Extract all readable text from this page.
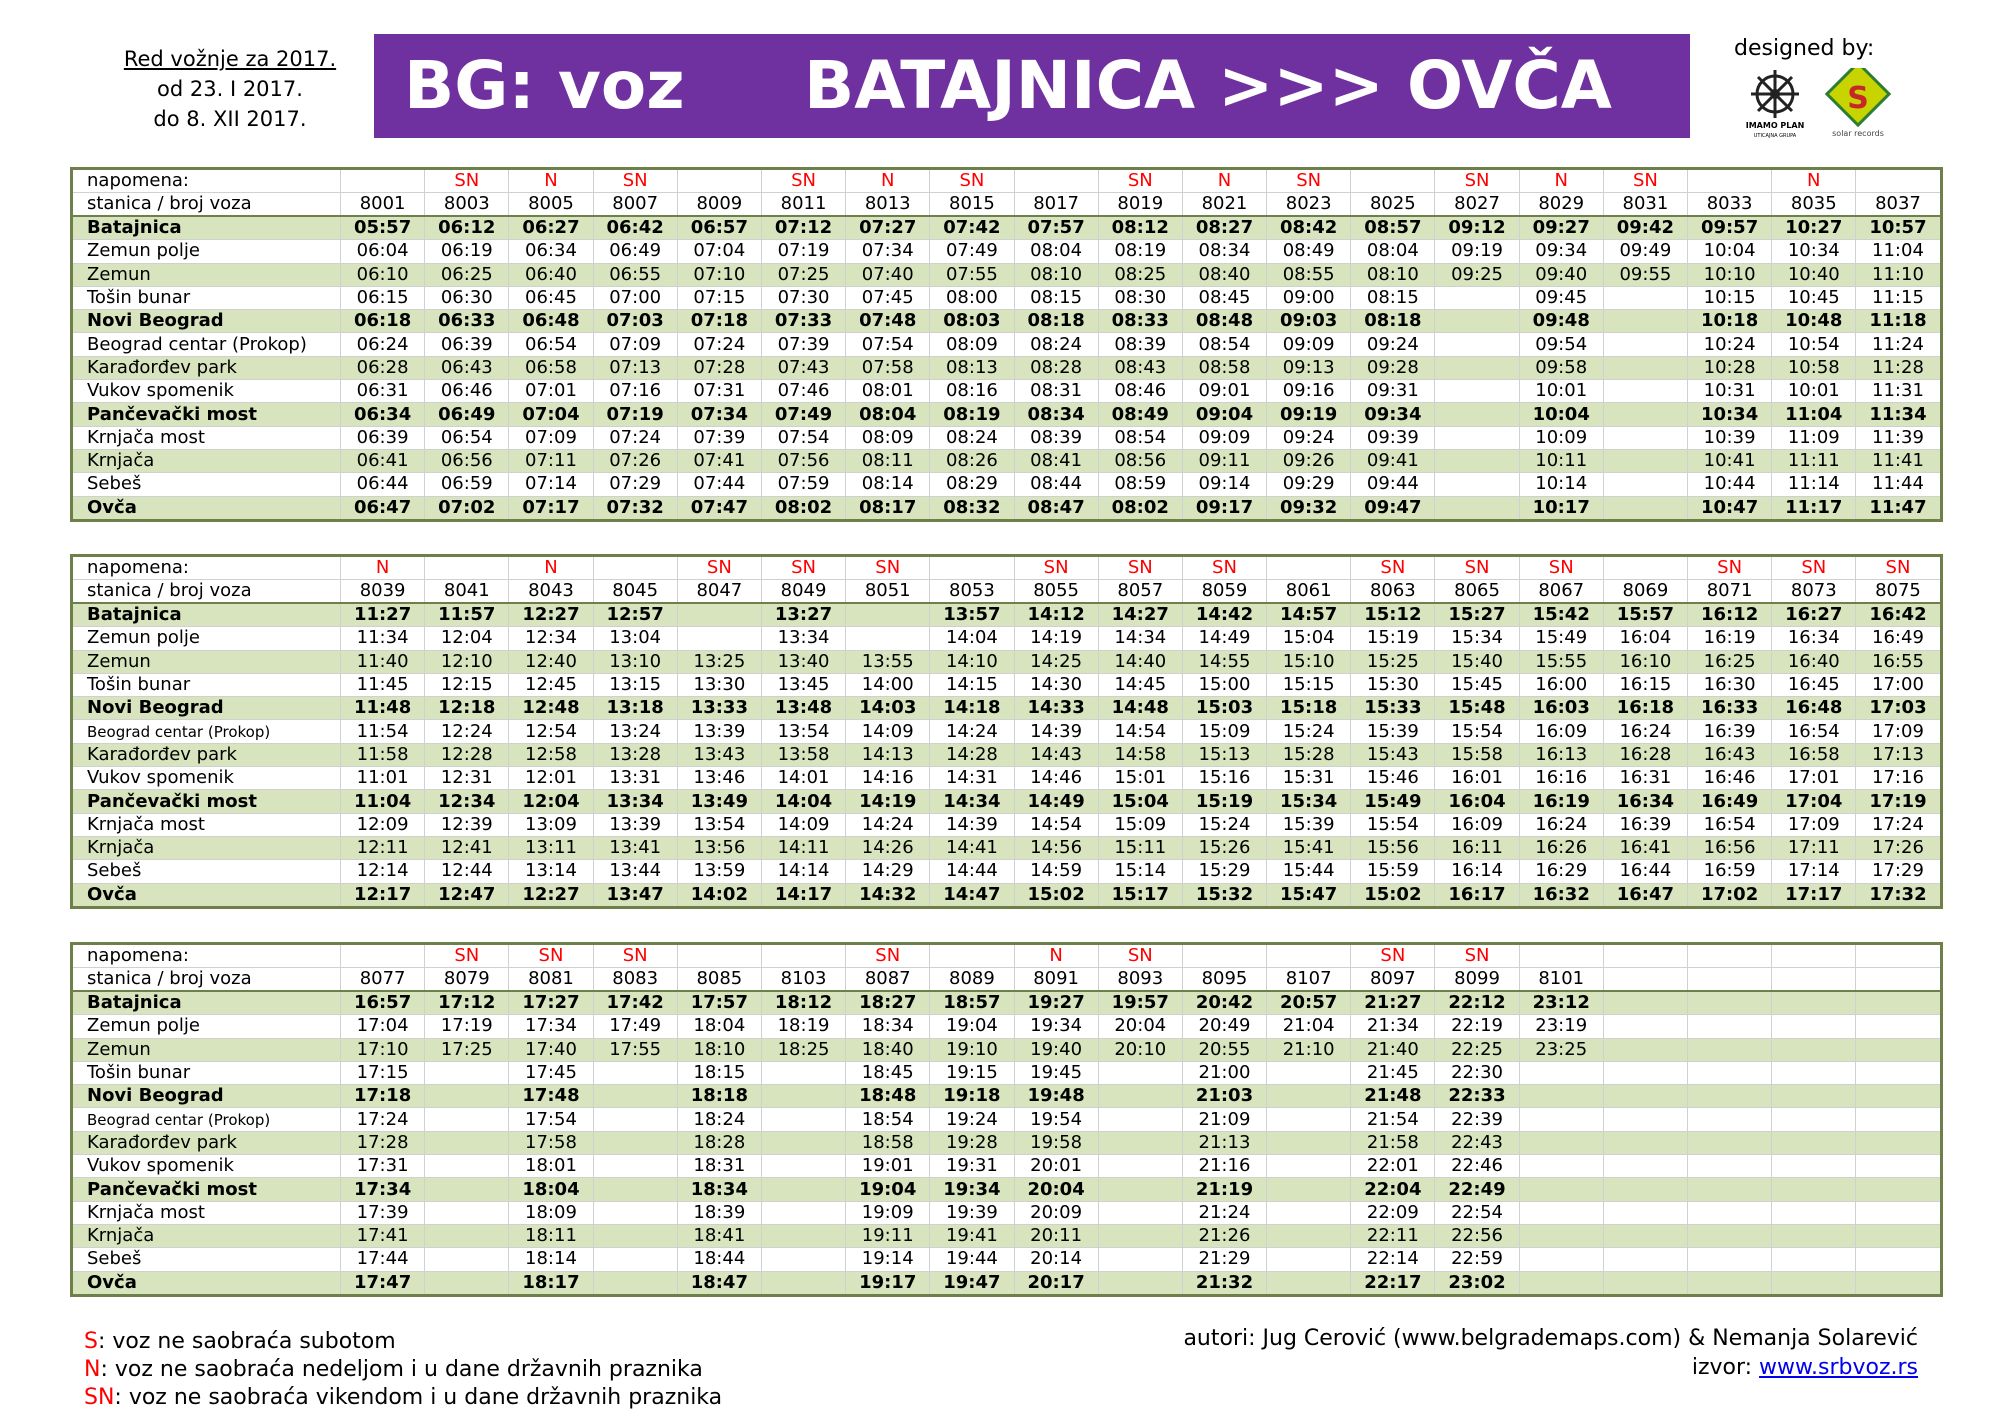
Red vožnje za 2017.
od 23. I 2017.
do 8. XII 2017.	BG: voz BATAJNICA >>> OVČA	designed by:
IMAMO PLAN
UTICAJNA GRUPA
S
solar records
napomena:		SN	N	SN		SN	N	SN		SN	N	SN		SN	N	SN		N	
stanica / broj voza	8001	8003	8005	8007	8009	8011	8013	8015	8017	8019	8021	8023	8025	8027	8029	8031	8033	8035	8037
Batajnica	05:57	06:12	06:27	06:42	06:57	07:12	07:27	07:42	07:57	08:12	08:27	08:42	08:57	09:12	09:27	09:42	09:57	10:27	10:57
Zemun polje	06:04	06:19	06:34	06:49	07:04	07:19	07:34	07:49	08:04	08:19	08:34	08:49	08:04	09:19	09:34	09:49	10:04	10:34	11:04
Zemun	06:10	06:25	06:40	06:55	07:10	07:25	07:40	07:55	08:10	08:25	08:40	08:55	08:10	09:25	09:40	09:55	10:10	10:40	11:10
Tošin bunar	06:15	06:30	06:45	07:00	07:15	07:30	07:45	08:00	08:15	08:30	08:45	09:00	08:15		09:45		10:15	10:45	11:15
Novi Beograd	06:18	06:33	06:48	07:03	07:18	07:33	07:48	08:03	08:18	08:33	08:48	09:03	08:18		09:48		10:18	10:48	11:18
Beograd centar (Prokop)	06:24	06:39	06:54	07:09	07:24	07:39	07:54	08:09	08:24	08:39	08:54	09:09	09:24		09:54		10:24	10:54	11:24
Karađorđev park	06:28	06:43	06:58	07:13	07:28	07:43	07:58	08:13	08:28	08:43	08:58	09:13	09:28		09:58		10:28	10:58	11:28
Vukov spomenik	06:31	06:46	07:01	07:16	07:31	07:46	08:01	08:16	08:31	08:46	09:01	09:16	09:31		10:01		10:31	10:01	11:31
Pančevački most	06:34	06:49	07:04	07:19	07:34	07:49	08:04	08:19	08:34	08:49	09:04	09:19	09:34		10:04		10:34	11:04	11:34
Krnjača most	06:39	06:54	07:09	07:24	07:39	07:54	08:09	08:24	08:39	08:54	09:09	09:24	09:39		10:09		10:39	11:09	11:39
Krnjača	06:41	06:56	07:11	07:26	07:41	07:56	08:11	08:26	08:41	08:56	09:11	09:26	09:41		10:11		10:41	11:11	11:41
Sebeš	06:44	06:59	07:14	07:29	07:44	07:59	08:14	08:29	08:44	08:59	09:14	09:29	09:44		10:14		10:44	11:14	11:44
Ovča	06:47	07:02	07:17	07:32	07:47	08:02	08:17	08:32	08:47	08:02	09:17	09:32	09:47		10:17		10:47	11:17	11:47
napomena:	N		N		SN	SN	SN		SN	SN	SN		SN	SN	SN		SN	SN	SN
stanica / broj voza	8039	8041	8043	8045	8047	8049	8051	8053	8055	8057	8059	8061	8063	8065	8067	8069	8071	8073	8075
Batajnica	11:27	11:57	12:27	12:57		13:27		13:57	14:12	14:27	14:42	14:57	15:12	15:27	15:42	15:57	16:12	16:27	16:42
Zemun polje	11:34	12:04	12:34	13:04		13:34		14:04	14:19	14:34	14:49	15:04	15:19	15:34	15:49	16:04	16:19	16:34	16:49
Zemun	11:40	12:10	12:40	13:10	13:25	13:40	13:55	14:10	14:25	14:40	14:55	15:10	15:25	15:40	15:55	16:10	16:25	16:40	16:55
Tošin bunar	11:45	12:15	12:45	13:15	13:30	13:45	14:00	14:15	14:30	14:45	15:00	15:15	15:30	15:45	16:00	16:15	16:30	16:45	17:00
Novi Beograd	11:48	12:18	12:48	13:18	13:33	13:48	14:03	14:18	14:33	14:48	15:03	15:18	15:33	15:48	16:03	16:18	16:33	16:48	17:03
Beograd centar (Prokop)	11:54	12:24	12:54	13:24	13:39	13:54	14:09	14:24	14:39	14:54	15:09	15:24	15:39	15:54	16:09	16:24	16:39	16:54	17:09
Karađorđev park	11:58	12:28	12:58	13:28	13:43	13:58	14:13	14:28	14:43	14:58	15:13	15:28	15:43	15:58	16:13	16:28	16:43	16:58	17:13
Vukov spomenik	11:01	12:31	12:01	13:31	13:46	14:01	14:16	14:31	14:46	15:01	15:16	15:31	15:46	16:01	16:16	16:31	16:46	17:01	17:16
Pančevački most	11:04	12:34	12:04	13:34	13:49	14:04	14:19	14:34	14:49	15:04	15:19	15:34	15:49	16:04	16:19	16:34	16:49	17:04	17:19
Krnjača most	12:09	12:39	13:09	13:39	13:54	14:09	14:24	14:39	14:54	15:09	15:24	15:39	15:54	16:09	16:24	16:39	16:54	17:09	17:24
Krnjača	12:11	12:41	13:11	13:41	13:56	14:11	14:26	14:41	14:56	15:11	15:26	15:41	15:56	16:11	16:26	16:41	16:56	17:11	17:26
Sebeš	12:14	12:44	13:14	13:44	13:59	14:14	14:29	14:44	14:59	15:14	15:29	15:44	15:59	16:14	16:29	16:44	16:59	17:14	17:29
Ovča	12:17	12:47	12:27	13:47	14:02	14:17	14:32	14:47	15:02	15:17	15:32	15:47	15:02	16:17	16:32	16:47	17:02	17:17	17:32
napomena:		SN	SN	SN			SN		N	SN			SN	SN					
stanica / broj voza	8077	8079	8081	8083	8085	8103	8087	8089	8091	8093	8095	8107	8097	8099	8101				
Batajnica	16:57	17:12	17:27	17:42	17:57	18:12	18:27	18:57	19:27	19:57	20:42	20:57	21:27	22:12	23:12				
Zemun polje	17:04	17:19	17:34	17:49	18:04	18:19	18:34	19:04	19:34	20:04	20:49	21:04	21:34	22:19	23:19				
Zemun	17:10	17:25	17:40	17:55	18:10	18:25	18:40	19:10	19:40	20:10	20:55	21:10	21:40	22:25	23:25				
Tošin bunar	17:15		17:45		18:15		18:45	19:15	19:45		21:00		21:45	22:30					
Novi Beograd	17:18		17:48		18:18		18:48	19:18	19:48		21:03		21:48	22:33					
Beograd centar (Prokop)	17:24		17:54		18:24		18:54	19:24	19:54		21:09		21:54	22:39					
Karađorđev park	17:28		17:58		18:28		18:58	19:28	19:58		21:13		21:58	22:43					
Vukov spomenik	17:31		18:01		18:31		19:01	19:31	20:01		21:16		22:01	22:46					
Pančevački most	17:34		18:04		18:34		19:04	19:34	20:04		21:19		22:04	22:49					
Krnjača most	17:39		18:09		18:39		19:09	19:39	20:09		21:24		22:09	22:54					
Krnjača	17:41		18:11		18:41		19:11	19:41	20:11		21:26		22:11	22:56					
Sebeš	17:44		18:14		18:44		19:14	19:44	20:14		21:29		22:14	22:59					
Ovča	17:47		18:17		18:47		19:17	19:47	20:17		21:32		22:17	23:02					
S: voz ne saobraća subotom
N: voz ne saobraća nedeljom i u dane državnih praznika
SN: voz ne saobraća vikendom i u dane državnih praznika
autori: Jug Cerović (www.belgrademaps.com) & Nemanja Solarević
izvor: www.srbvoz.rs
